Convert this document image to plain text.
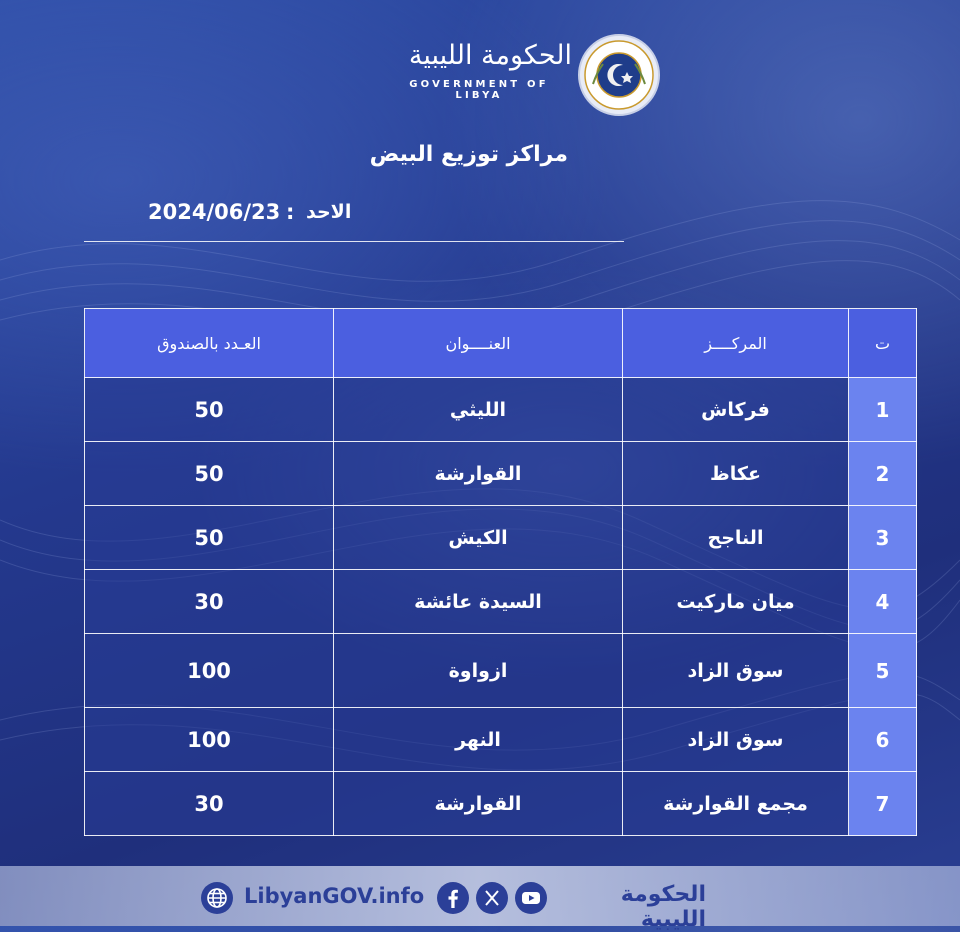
الحكومة الليبية
GOVERNMENT OF LIBYA
مراكز توزيع البيض
2024/06/23 : الاحد
ت	المركــــز	العنــــوان	العـدد بالصندوق
1	فركاش	الليثي	50
2	عكاظ	القوارشة	50
3	الناجح	الكيش	50
4	ميان ماركيت	السيدة عائشة	30
5	سوق الزاد	ازواوة	100
6	سوق الزاد	النهر	100
7	مجمع القوارشة	القوارشة	30
LibyanGOV.info	الحكومة الليبية
